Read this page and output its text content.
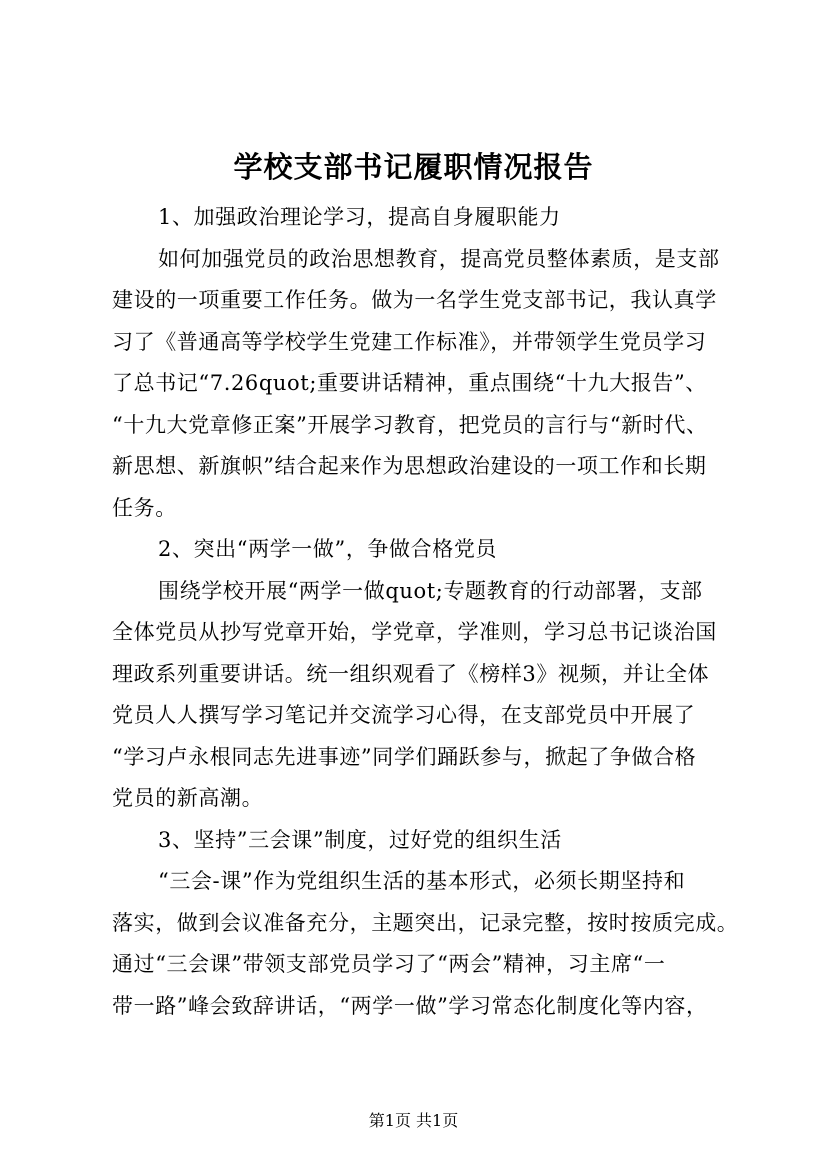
学校支部书记履职情况报告
1、加强政治理论学习，提高自身履职能力
如何加强党员的政治思想教育，提高党员整体素质，是支部
建设的一项重要工作任务。做为一名学生党支部书记，我认真学
习了《普通高等学校学生党建工作标准》，并带领学生党员学习
了总书记“7.26quot;重要讲话精神，重点围绕“十九大报告”、
“十九大党章修正案”开展学习教育，把党员的言行与“新时代、
新思想、新旗帜”结合起来作为思想政治建设的一项工作和长期
任务。
2、突出“两学一做”，争做合格党员
围绕学校开展“两学一做quot;专题教育的行动部署，支部
全体党员从抄写党章开始，学党章，学准则，学习总书记谈治国
理政系列重要讲话。统一组织观看了《榜样3》视频，并让全体
党员人人撰写学习笔记并交流学习心得，在支部党员中开展了
“学习卢永根同志先进事迹”同学们踊跃参与，掀起了争做合格
党员的新高潮。
3、坚持”三会课”制度，过好党的组织生活
“三会-课”作为党组织生活的基本形式，必须长期坚持和
落实，做到会议准备充分，主题突出，记录完整，按时按质完成。
通过“三会课”带领支部党员学习了“两会”精神，习主席“一
带一路”峰会致辞讲话，“两学一做”学习常态化制度化等内容，
第1页 共1页
